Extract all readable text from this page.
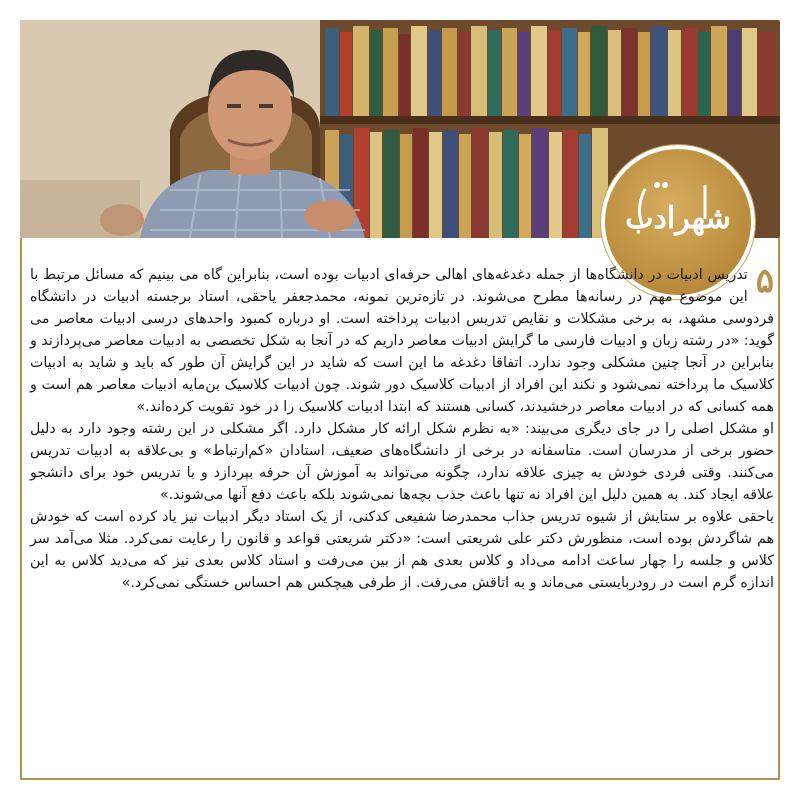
شهرادب
۵

تدریس ادبیات در دانشگاه‌ها از جمله دغدغه‌های اهالی حرفه‌ای ادبیات بوده است، بنابراین گاه می بینیم که مسائل مرتبط با این موضوع مهم در رسانه‌ها مطرح می‌شوند. در تازه‌ترین نمونه، محمدجعفر یاحقی، استاد برجسته ادبیات در دانشگاه فردوسی مشهد، به برخی مشکلات و نقایص تدریس ادبیات پرداخته است. او درباره کمبود واحدهای درسی ادبیات معاصر می گوید: «در رشته زبان و ادبیات فارسی ما گرایش ادبیات معاصر داریم که در آنجا به شکل تخصصی به ادبیات معاصر می‌پردازند و بنابراین در آنجا چنین مشکلی وجود ندارد. اتفاقا دغدغه ما این است که شاید در این گرایش آن طور که باید و شاید به ادبیات کلاسیک ما پرداخته نمی‌شود و نکند این افراد از ادبیات کلاسیک دور شوند. چون ادبیات کلاسیک بن‌مایه ادبیات معاصر هم است و همه کسانی که در ادبیات معاصر درخشیدند، کسانی هستند که ابتدا ادبیات کلاسیک را در خود تقویت کرده‌اند.»

او مشکل اصلی را در جای دیگری می‌بیند: «به نظرم شکل ارائه کار مشکل دارد. اگر مشکلی در این رشته وجود دارد به دلیل حضور برخی از مدرسان است. متاسفانه در برخی از دانشگاه‌های ضعیف، استادان «کم‌ارتباط» و بی‌علاقه به ادبیات تدریس می‌کنند. وقتی فردی خودش به چیزی علاقه ندارد، چگونه می‌تواند به آموزش آن حرفه بپردازد و با تدریس خود برای دانشجو علاقه ایجاد کند. به همین دلیل این افراد نه تنها باعث جذب بچه‌ها نمی‌شوند بلکه باعث دفع آنها می‌شوند.»

یاحقی علاوه بر ستایش از شیوه تدریس جذاب محمدرضا شفیعی کدکنی، از یک استاد دیگر ادبیات نیز یاد کرده است که خودش هم شاگردش بوده است، منظورش دکتر علی شریعتی است: «دکتر شریعتی قواعد و قانون را رعایت نمی‌کرد. مثلا می‌آمد سر کلاس و جلسه را چهار ساعت ادامه می‌داد و کلاس بعدی هم از بین می‌رفت و استاد کلاس بعدی نیز که می‌دید کلاس به این اندازه گرم است در رودربایستی می‌ماند و به اتاقش می‌رفت. از طرفی هیچکس هم احساس خستگی نمی‌کرد.»
